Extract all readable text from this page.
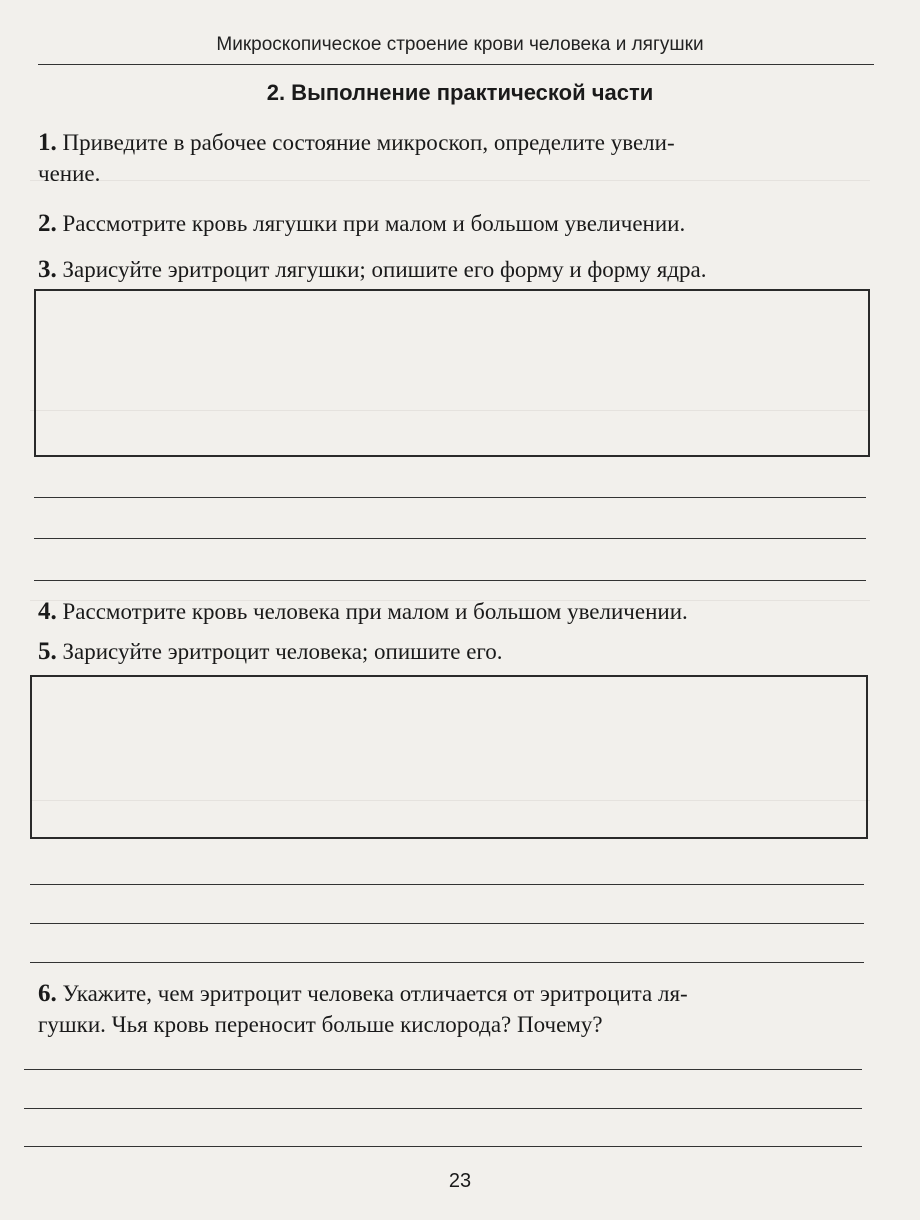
Микроскопическое строение крови человека и лягушки
2. Выполнение практической части
1. Приведите в рабочее состояние микроскоп, определите увели-
чение.
2. Рассмотрите кровь лягушки при малом и большом увеличении.
3. Зарисуйте эритроцит лягушки; опишите его форму и форму ядра.
4. Рассмотрите кровь человека при малом и большом увеличении.
5. Зарисуйте эритроцит человека; опишите его.
6. Укажите, чем эритроцит человека отличается от эритроцита ля-
гушки. Чья кровь переносит больше кислорода? Почему?
23
